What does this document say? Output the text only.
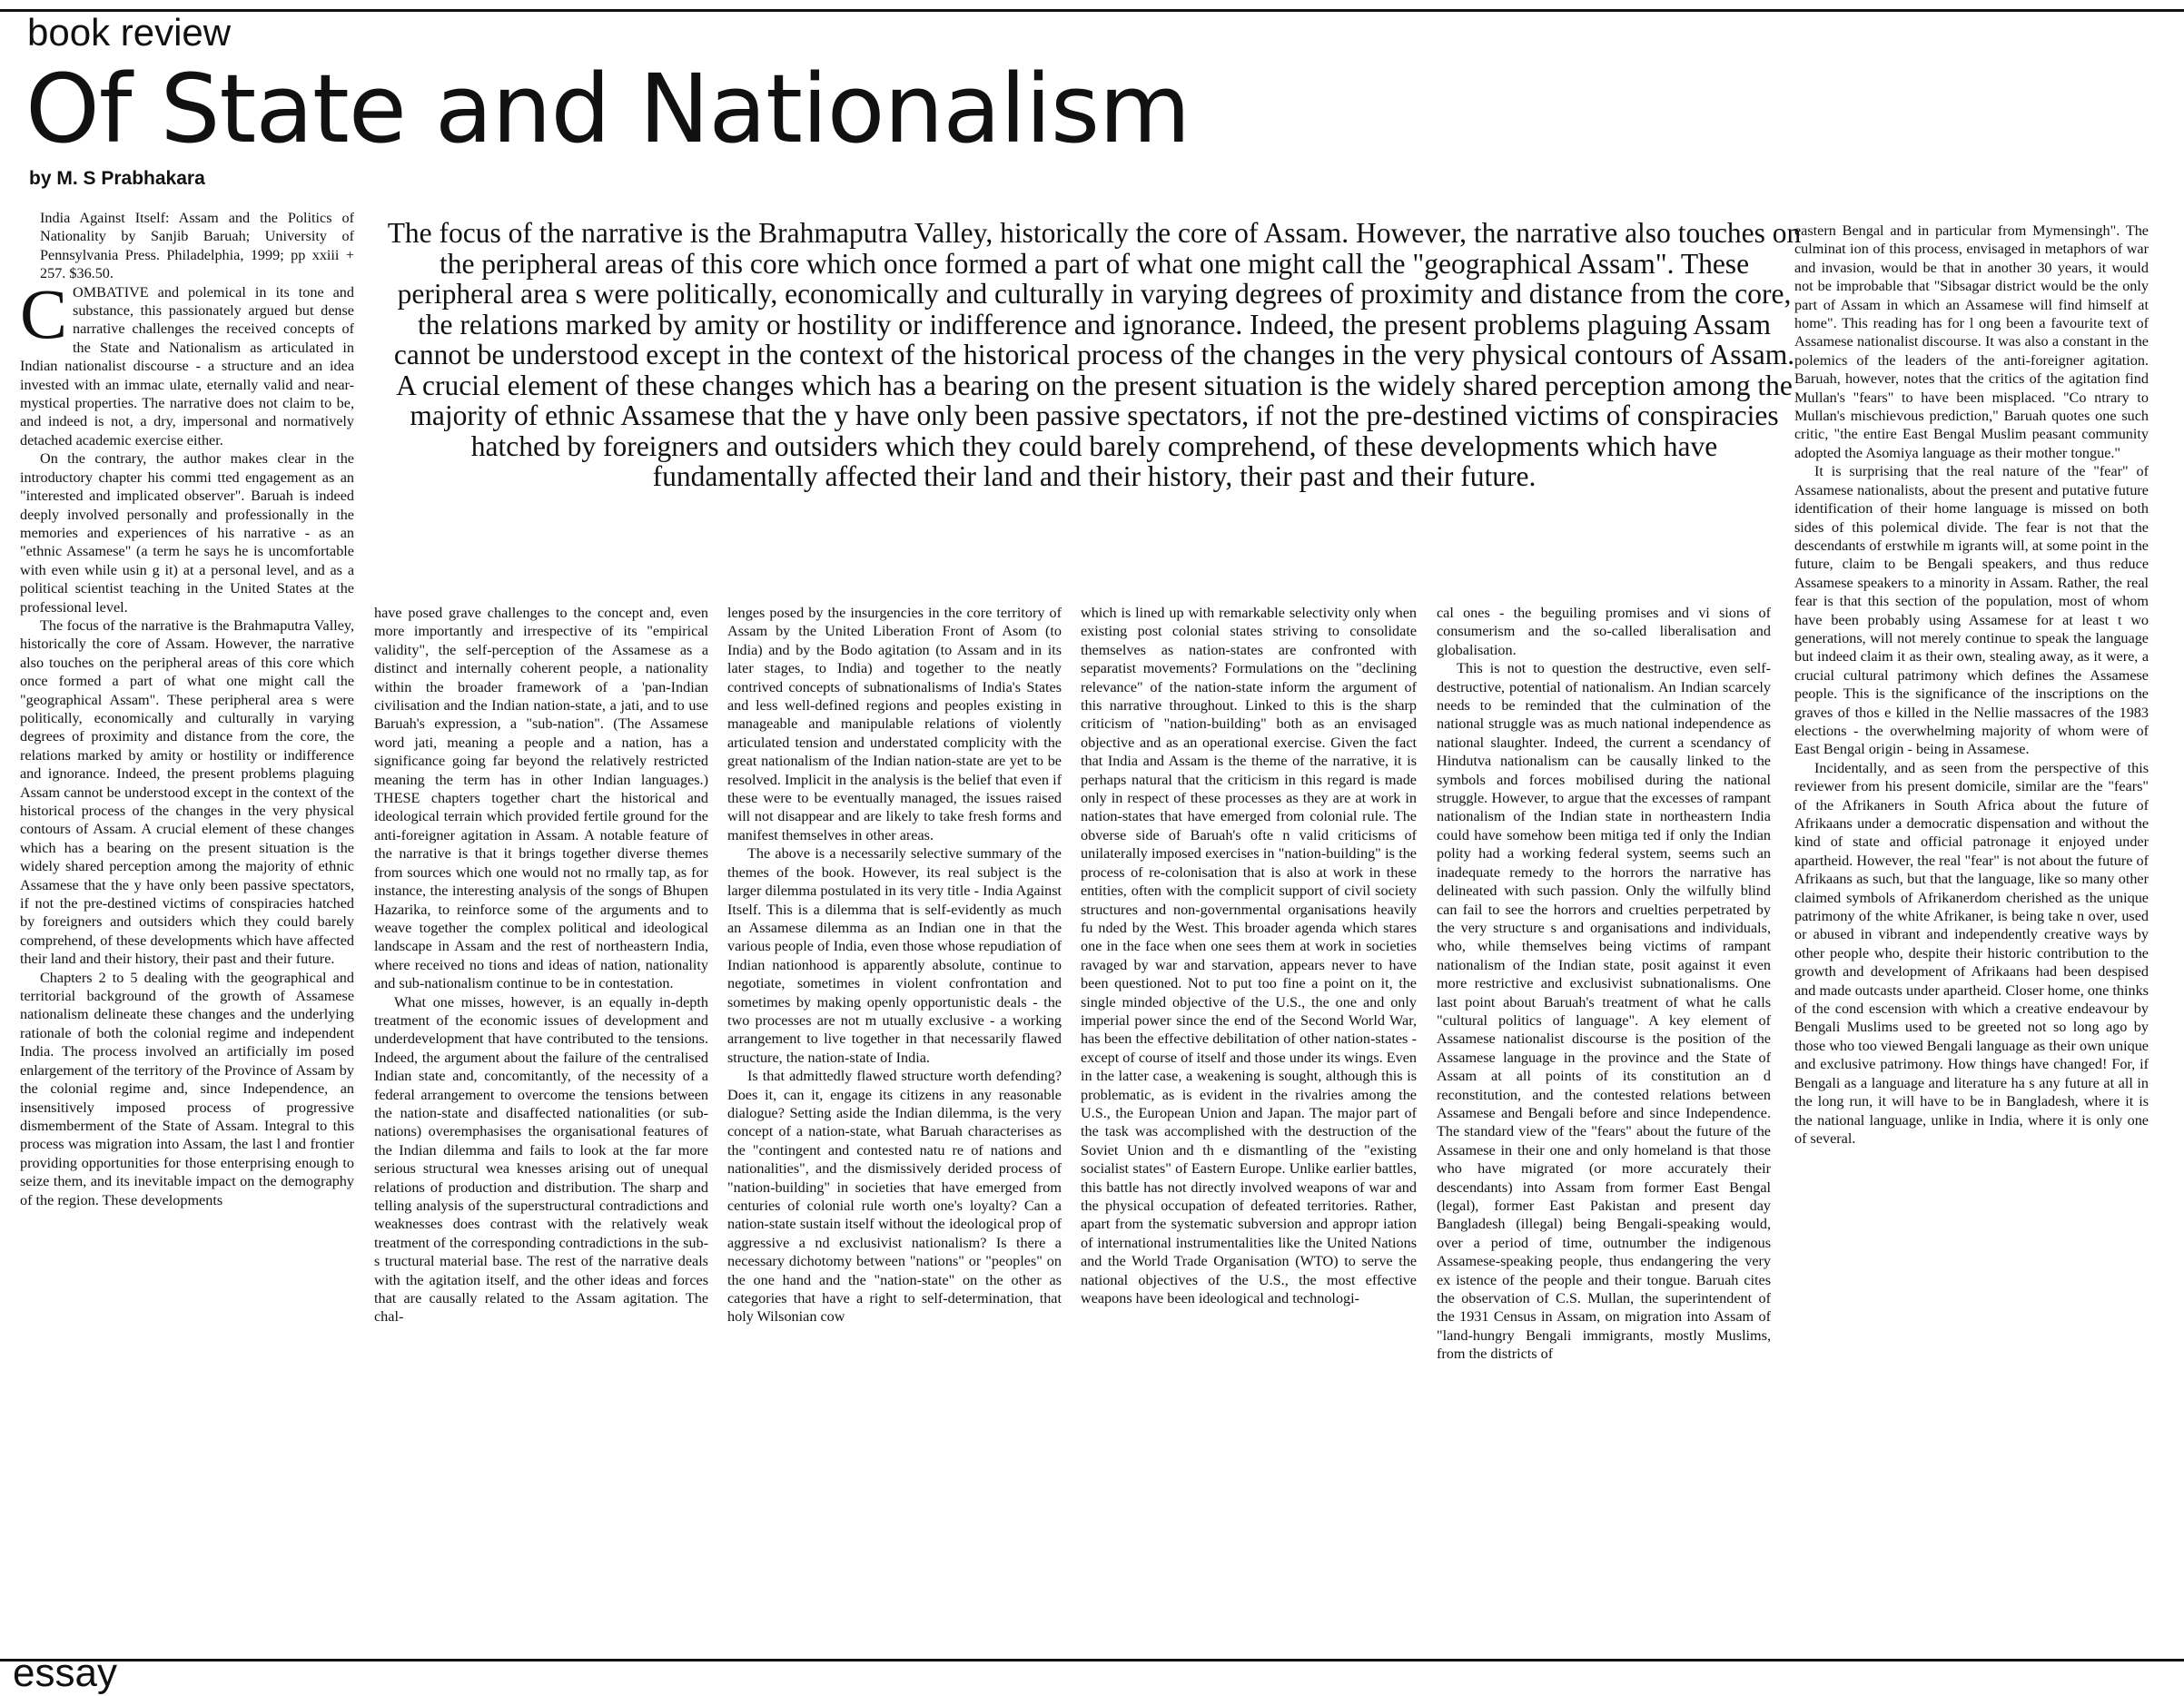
book review
Of State and Nationalism
by M. S Prabhakara

The focus of the narrative is the Brahmaputra Valley, historically the core of Assam. However, the narrative also touches on the peripheral areas of this core which once formed a part of what one might call the "geographical Assam". These peripheral area s were politically, economically and culturally in varying degrees of proximity and distance from the core, the relations marked by amity or hostility or indifference and ignorance. Indeed, the present problems plaguing Assam cannot be understood except in the context of the historical process of the changes in the very physical contours of Assam. A crucial element of these changes which has a bearing on the present situation is the widely shared perception among the majority of ethnic Assamese that the y have only been passive spectators, if not the pre-destined victims of conspiracies hatched by foreigners and outsiders which they could barely comprehend, of these developments which have fundamentally affected their land and their history, their past and their future.

India Against Itself: Assam and the Politics of Nationality by Sanjib Baruah; University of Pennsylvania Press. Philadelphia, 1999; pp xxiii + 257. $36.50.

COMBATIVE and polemical in its tone and substance, this passionately argued but dense narrative challenges the received concepts of the State and Nationalism as articulated in Indian nationalist discourse - a structure and an idea invested with an immac ulate, eternally valid and near-mystical properties. The narrative does not claim to be, and indeed is not, a dry, impersonal and normatively detached academic exercise either.

On the contrary, the author makes clear in the introductory chapter his commi tted engagement as an "interested and implicated observer". Baruah is indeed deeply involved personally and professionally in the memories and experiences of his narrative - as an "ethnic Assamese" (a term he says he is uncomfortable with even while usin g it) at a personal level, and as a political scientist teaching in the United States at the professional level.

The focus of the narrative is the Brahmaputra Valley, historically the core of Assam. However, the narrative also touches on the peripheral areas of this core which once formed a part of what one might call the "geographical Assam". These peripheral area s were politically, economically and culturally in varying degrees of proximity and distance from the core, the relations marked by amity or hostility or indifference and ignorance. Indeed, the present problems plaguing Assam cannot be understood except in the context of the historical process of the changes in the very physical contours of Assam. A crucial element of these changes which has a bearing on the present situation is the widely shared perception among the majority of ethnic Assamese that the y have only been passive spectators, if not the pre-destined victims of conspiracies hatched by foreigners and outsiders which they could barely comprehend, of these developments which have affected their land and their history, their past and their future.

Chapters 2 to 5 dealing with the geographical and territorial background of the growth of Assamese nationalism delineate these changes and the underlying rationale of both the colonial regime and independent India. The process involved an artificially im posed enlargement of the territory of the Province of Assam by the colonial regime and, since Independence, an insensitively imposed process of progressive dismemberment of the State of Assam. Integral to this process was migration into Assam, the last l and frontier providing opportunities for those enterprising enough to seize them, and its inevitable impact on the demography of the region. These developments

have posed grave challenges to the concept and, even more importantly and irrespective of its "empirical validity", the self-perception of the Assamese as a distinct and internally coherent people, a nationality within the broader framework of a 'pan-Indian civilisation and the Indian nation-state, a jati, and to use Baruah's expression, a "sub-nation". (The Assamese word jati, meaning a people and a nation, has a significance going far beyond the relatively restricted meaning the term has in other Indian languages.) THESE chapters together chart the historical and ideological terrain which provided fertile ground for the anti-foreigner agitation in Assam. A notable feature of the narrative is that it brings together diverse themes from sources which one would not no rmally tap, as for instance, the interesting analysis of the songs of Bhupen Hazarika, to reinforce some of the arguments and to weave together the complex political and ideological landscape in Assam and the rest of northeastern India, where received no tions and ideas of nation, nationality and sub-nationalism continue to be in contestation.

What one misses, however, is an equally in-depth treatment of the economic issues of development and underdevelopment that have contributed to the tensions. Indeed, the argument about the failure of the centralised Indian state and, concomitantly, of the necessity of a federal arrangement to overcome the tensions between the nation-state and disaffected nationalities (or sub-nations) overemphasises the organisational features of the Indian dilemma and fails to look at the far more serious structural wea knesses arising out of unequal relations of production and distribution. The sharp and telling analysis of the superstructural contradictions and weaknesses does contrast with the relatively weak treatment of the corresponding contradictions in the sub-s tructural material base. The rest of the narrative deals with the agitation itself, and the other ideas and forces that are causally related to the Assam agitation. The chal-

lenges posed by the insurgencies in the core territory of Assam by the United Liberation Front of Asom (to India) and by the Bodo agitation (to Assam and in its later stages, to India) and together to the neatly contrived concepts of subnationalisms of India's States and less well-defined regions and peoples existing in manageable and manipulable relations of violently articulated tension and understated complicity with the great nationalism of the Indian nation-state are yet to be resolved. Implicit in the analysis is the belief that even if these were to be eventually managed, the issues raised will not disappear and are likely to take fresh forms and manifest themselves in other areas.

The above is a necessarily selective summary of the themes of the book. However, its real subject is the larger dilemma postulated in its very title - India Against Itself. This is a dilemma that is self-evidently as much an Assamese dilemma as an Indian one in that the various people of India, even those whose repudiation of Indian nationhood is apparently absolute, continue to negotiate, sometimes in violent confrontation and sometimes by making openly opportunistic deals - the two processes are not m utually exclusive - a working arrangement to live together in that necessarily flawed structure, the nation-state of India.

Is that admittedly flawed structure worth defending? Does it, can it, engage its citizens in any reasonable dialogue? Setting aside the Indian dilemma, is the very concept of a nation-state, what Baruah characterises as the "contingent and contested natu re of nations and nationalities", and the dismissively derided process of "nation-building" in societies that have emerged from centuries of colonial rule worth one's loyalty? Can a nation-state sustain itself without the ideological prop of aggressive a nd exclusivist nationalism? Is there a necessary dichotomy between "nations" or "peoples" on the one hand and the "nation-state" on the other as categories that have a right to self-determination, that holy Wilsonian cow

which is lined up with remarkable selectivity only when existing post colonial states striving to consolidate themselves as nation-states are confronted with separatist movements? Formulations on the "declining relevance" of the nation-state inform the argument of this narrative throughout. Linked to this is the sharp criticism of "nation-building" both as an envisaged objective and as an operational exercise. Given the fact that India and Assam is the theme of the narrative, it is perhaps natural that the criticism in this regard is made only in respect of these processes as they are at work in nation-states that have emerged from colonial rule. The obverse side of Baruah's ofte n valid criticisms of unilaterally imposed exercises in "nation-building" is the process of re-colonisation that is also at work in these entities, often with the complicit support of civil society structures and non-governmental organisations heavily fu nded by the West. This broader agenda which stares one in the face when one sees them at work in societies ravaged by war and starvation, appears never to have been questioned. Not to put too fine a point on it, the single minded objective of the U.S., the one and only imperial power since the end of the Second World War, has been the effective debilitation of other nation-states - except of course of itself and those under its wings. Even in the latter case, a weakening is sought, although this is problematic, as is evident in the rivalries among the U.S., the European Union and Japan. The major part of the task was accomplished with the destruction of the Soviet Union and th e dismantling of the "existing socialist states" of Eastern Europe. Unlike earlier battles, this battle has not directly involved weapons of war and the physical occupation of defeated territories. Rather, apart from the systematic subversion and appropr iation of international instrumentalities like the United Nations and the World Trade Organisation (WTO) to serve the national objectives of the U.S., the most effective weapons have been ideological and technologi-

cal ones - the beguiling promises and vi sions of consumerism and the so-called liberalisation and globalisation.

This is not to question the destructive, even self-destructive, potential of nationalism. An Indian scarcely needs to be reminded that the culmination of the national struggle was as much national independence as national slaughter. Indeed, the current a scendancy of Hindutva nationalism can be causally linked to the symbols and forces mobilised during the national struggle. However, to argue that the excesses of rampant nationalism of the Indian state in northeastern India could have somehow been mitiga ted if only the Indian polity had a working federal system, seems such an inadequate remedy to the horrors the narrative has delineated with such passion. Only the wilfully blind can fail to see the horrors and cruelties perpetrated by the very structure s and organisations and individuals, who, while themselves being victims of rampant nationalism of the Indian state, posit against it even more restrictive and exclusivist subnationalisms. One last point about Baruah's treatment of what he calls "cultural politics of language". A key element of Assamese nationalist discourse is the position of the Assamese language in the province and the State of Assam at all points of its constitution an d reconstitution, and the contested relations between Assamese and Bengali before and since Independence. The standard view of the "fears" about the future of the Assamese in their one and only homeland is that those who have migrated (or more accurately their descendants) into Assam from former East Bengal (legal), former East Pakistan and present day Bangladesh (illegal) being Bengali-speaking would, over a period of time, outnumber the indigenous Assamese-speaking people, thus endangering the very ex istence of the people and their tongue. Baruah cites the observation of C.S. Mullan, the superintendent of the 1931 Census in Assam, on migration into Assam of "land-hungry Bengali immigrants, mostly Muslims, from the districts of

eastern Bengal and in particular from Mymensingh". The culminat ion of this process, envisaged in metaphors of war and invasion, would be that in another 30 years, it would not be improbable that "Sibsagar district would be the only part of Assam in which an Assamese will find himself at home". This reading has for l ong been a favourite text of Assamese nationalist discourse. It was also a constant in the polemics of the leaders of the anti-foreigner agitation. Baruah, however, notes that the critics of the agitation find Mullan's "fears" to have been misplaced. "Co ntrary to Mullan's mischievous prediction," Baruah quotes one such critic, "the entire East Bengal Muslim peasant community adopted the Asomiya language as their mother tongue."

It is surprising that the real nature of the "fear" of Assamese nationalists, about the present and putative future identification of their home language is missed on both sides of this polemical divide. The fear is not that the descendants of erstwhile m igrants will, at some point in the future, claim to be Bengali speakers, and thus reduce Assamese speakers to a minority in Assam. Rather, the real fear is that this section of the population, most of whom have been probably using Assamese for at least t wo generations, will not merely continue to speak the language but indeed claim it as their own, stealing away, as it were, a crucial cultural patrimony which defines the Assamese people. This is the significance of the inscriptions on the graves of thos e killed in the Nellie massacres of the 1983 elections - the overwhelming majority of whom were of East Bengal origin - being in Assamese.

Incidentally, and as seen from the perspective of this reviewer from his present domicile, similar are the "fears" of the Afrikaners in South Africa about the future of Afrikaans under a democratic dispensation and without the kind of state and official patronage it enjoyed under apartheid. However, the real "fear" is not about the future of Afrikaans as such, but that the language, like so many other claimed symbols of Afrikanerdom cherished as the unique patrimony of the white Afrikaner, is being take n over, used or abused in vibrant and independently creative ways by other people who, despite their historic contribution to the growth and development of Afrikaans had been despised and made outcasts under apartheid. Closer home, one thinks of the cond escension with which a creative endeavour by Bengali Muslims used to be greeted not so long ago by those who too viewed Bengali language as their own unique and exclusive patrimony. How things have changed! For, if Bengali as a language and literature ha s any future at all in the long run, it will have to be in Bangladesh, where it is the national language, unlike in India, where it is only one of several.

essay
